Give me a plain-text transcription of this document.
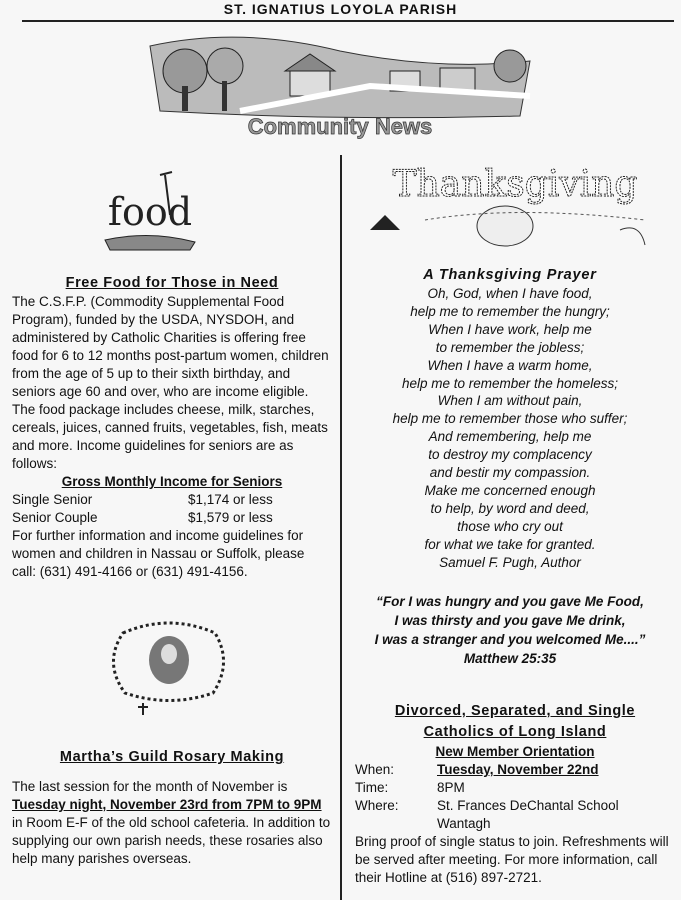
ST. IGNATIUS LOYOLA PARISH
Community News
food
Free Food for Those in Need

The C.S.F.P. (Commodity Supplemental Food Program), funded by the USDA, NYSDOH, and administered by Catholic Charities is offering free food for 6 to 12 months post-partum women, children from the age of 5 up to their sixth birthday, and seniors age 60 and over, who are income eligible. The food package includes cheese, milk, starches, cereals, juices, canned fruits, vegetables, fish, meats and more. Income guidelines for seniors are as follows:

Gross Monthly Income for Seniors
Single Senior	$1,174 or less
Senior Couple	$1,579 or less

For further information and income guidelines for women and children in Nassau or Suffolk, please call: (631) 491-4166 or (631) 491-4156.

Martha’s Guild Rosary Making

The last session for the month of November is Tuesday night, November 23rd from 7PM to 9PM in Room E-F of the old school cafeteria. In addition to supplying our own parish needs, these rosaries also help many parishes overseas.

Thanksgiving
A Thanksgiving Prayer
Oh, God, when I have food,
help me to remember the hungry;
When I have work, help me
to remember the jobless;
When I have a warm home,
help me to remember the homeless;
When I am without pain,
help me to remember those who suffer;
And remembering, help me
to destroy my complacency
and bestir my compassion.
Make me concerned enough
to help, by word and deed,
those who cry out
for what we take for granted.
Samuel F. Pugh, Author
“For I was hungry and you gave Me Food,
I was thirsty and you gave Me drink,
I was a stranger and you welcomed Me....”
Matthew 25:35
Divorced, Separated, and Single
Catholics of Long Island
New Member Orientation
When:	Tuesday, November 22nd
Time:	8PM
Where:	St. Frances DeChantal School
Wantagh

Bring proof of single status to join. Refreshments will be served after meeting. For more information, call their Hotline at (516) 897-2721.
